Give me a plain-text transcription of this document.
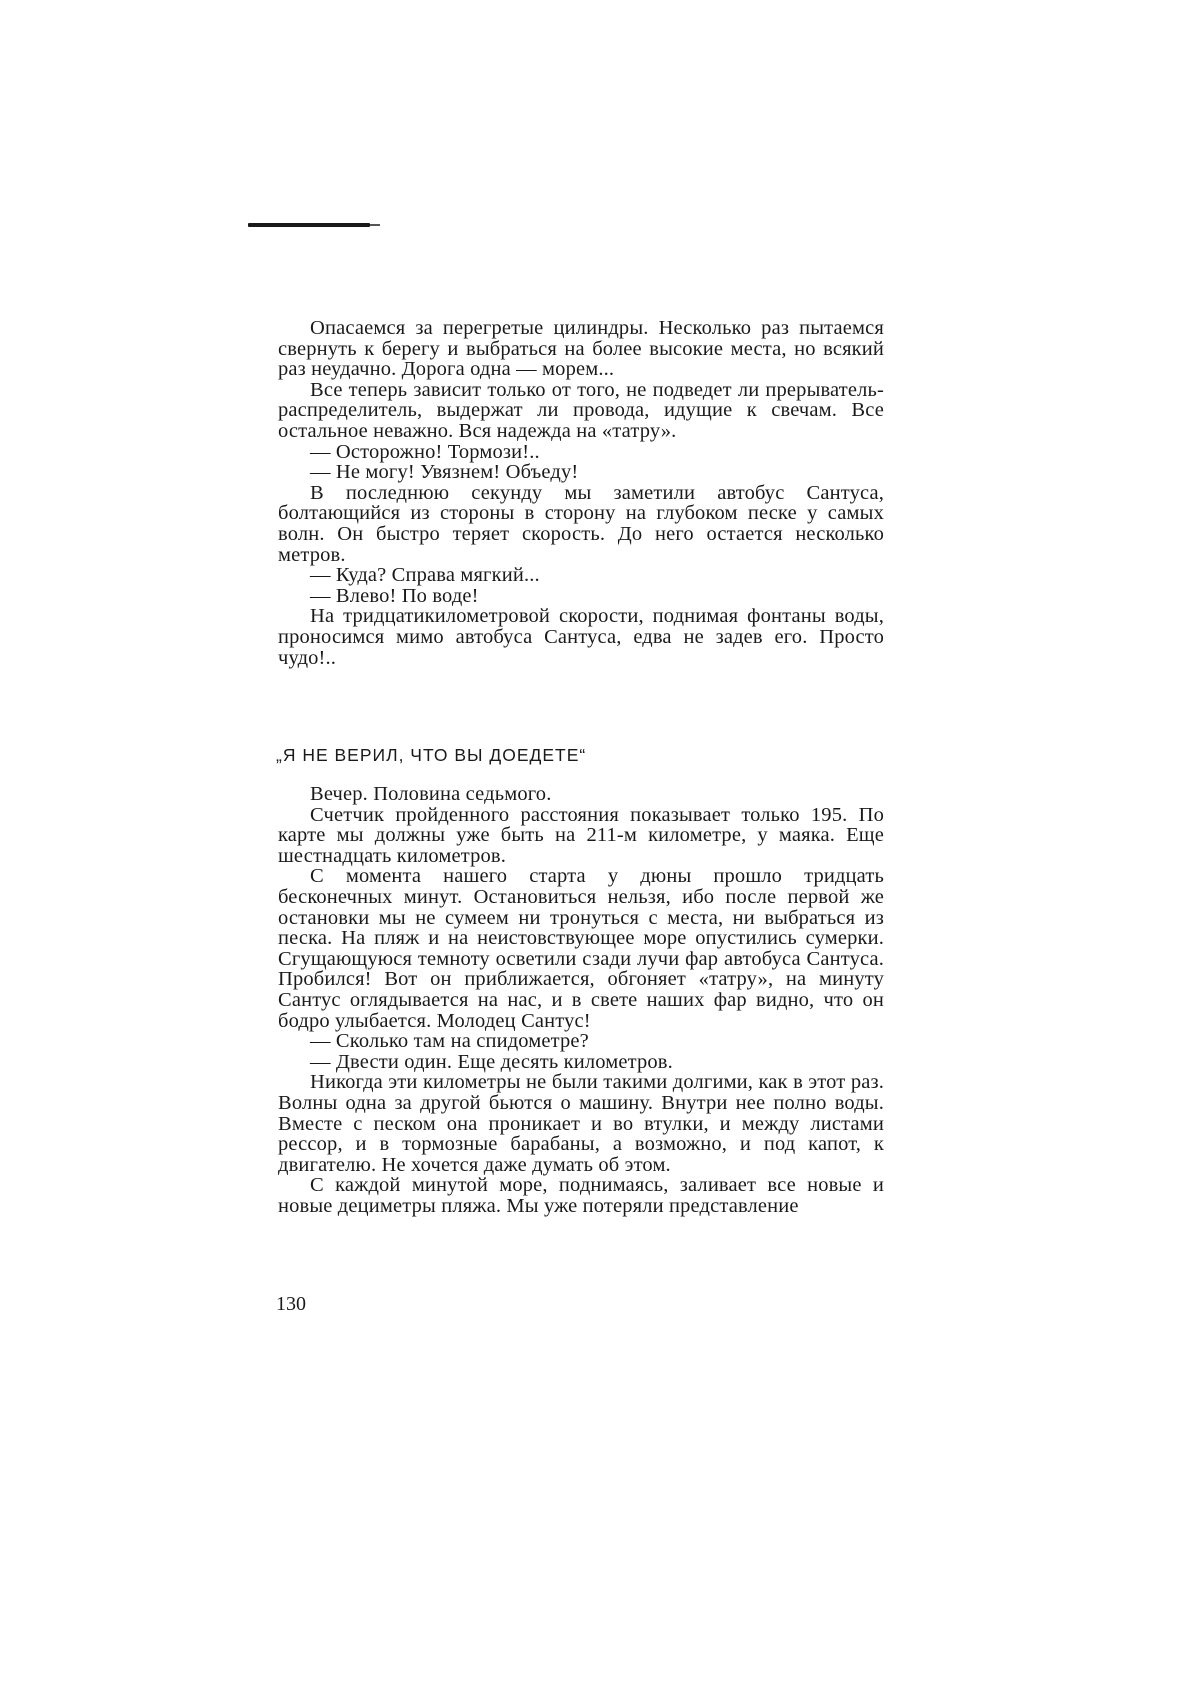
Опасаемся за перегретые цилиндры. Несколько раз пытаемся свернуть к берегу и выбраться на более высокие места, но всякий раз неудачно. Дорога одна — морем...

Все теперь зависит только от того, не подведет ли прерыватель-распределитель, выдержат ли провода, идущие к свечам. Все остальное неважно. Вся надежда на «татру».

— Осторожно! Тормози!..

— Не могу! Увязнем! Объеду!

В последнюю секунду мы заметили автобус Сантуса, болтающийся из стороны в сторону на глубоком песке у самых волн. Он быстро теряет скорость. До него остается несколько метров.

— Куда? Справа мягкий...

— Влево! По воде!

На тридцатикилометровой скорости, поднимая фонтаны воды, проносимся мимо автобуса Сантуса, едва не задев его. Просто чудо!..

„Я НЕ ВЕРИЛ, ЧТО ВЫ ДОЕДЕТЕ“

Вечер. Половина седьмого.

Счетчик пройденного расстояния показывает только 195. По карте мы должны уже быть на 211-м километре, у маяка. Еще шестнадцать километров.

С момента нашего старта у дюны прошло тридцать бесконечных минут. Остановиться нельзя, ибо после первой же остановки мы не сумеем ни тронуться с места, ни выбраться из песка. На пляж и на неистовствующее море опустились сумерки. Сгущающуюся темноту осветили сзади лучи фар автобуса Сантуса. Пробился! Вот он приближается, обгоняет «татру», на минуту Сантус оглядывается на нас, и в свете наших фар видно, что он бодро улыбается. Молодец Сантус!

— Сколько там на спидометре?

— Двести один. Еще десять километров.

Никогда эти километры не были такими долгими, как в этот раз. Волны одна за другой бьются о машину. Внутри нее полно воды. Вместе с песком она проникает и во втулки, и между листами рессор, и в тормозные барабаны, а возможно, и под капот, к двигателю. Не хочется даже думать об этом.

С каждой минутой море, поднимаясь, заливает все новые и новые дециметры пляжа. Мы уже потеряли представление

130
